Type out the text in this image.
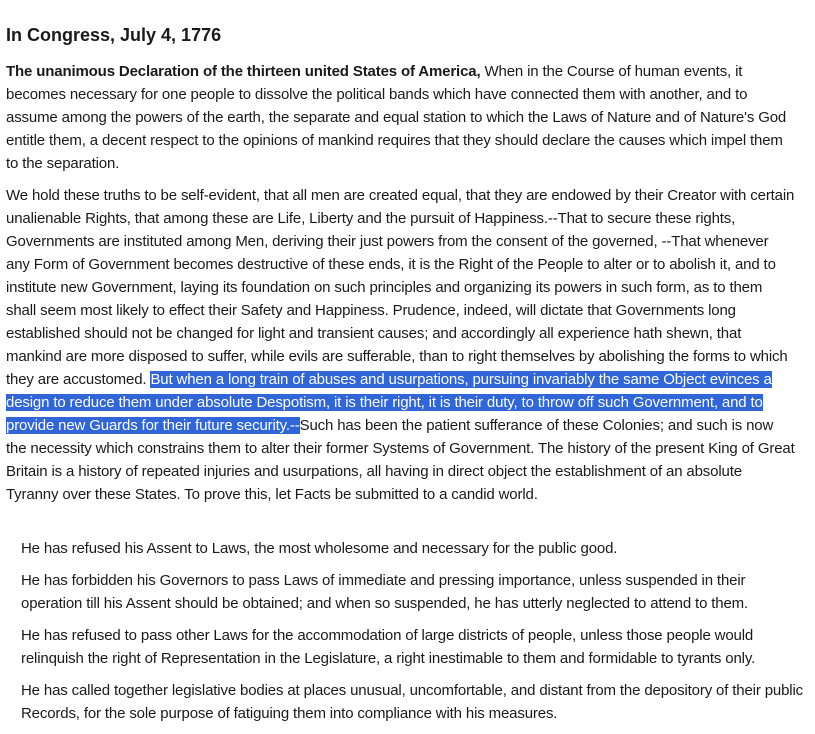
In Congress, July 4, 1776

The unanimous Declaration of the thirteen united States of America, When in the Course of human events, it becomes necessary for one people to dissolve the political bands which have connected them with another, and to assume among the powers of the earth, the separate and equal station to which the Laws of Nature and of Nature's God entitle them, a decent respect to the opinions of mankind requires that they should declare the causes which impel them to the separation.

We hold these truths to be self-evident, that all men are created equal, that they are endowed by their Creator with certain unalienable Rights, that among these are Life, Liberty and the pursuit of Happiness.--That to secure these rights, Governments are instituted among Men, deriving their just powers from the consent of the governed, --That whenever any Form of Government becomes destructive of these ends, it is the Right of the People to alter or to abolish it, and to institute new Government, laying its foundation on such principles and organizing its powers in such form, as to them shall seem most likely to effect their Safety and Happiness. Prudence, indeed, will dictate that Governments long established should not be changed for light and transient causes; and accordingly all experience hath shewn, that mankind are more disposed to suffer, while evils are sufferable, than to right themselves by abolishing the forms to which they are accustomed. But when a long train of abuses and usurpations, pursuing invariably the same Object evinces a design to reduce them under absolute Despotism, it is their right, it is their duty, to throw off such Government, and to provide new Guards for their future security.--Such has been the patient sufferance of these Colonies; and such is now the necessity which constrains them to alter their former Systems of Government. The history of the present King of Great Britain is a history of repeated injuries and usurpations, all having in direct object the establishment of an absolute Tyranny over these States. To prove this, let Facts be submitted to a candid world.

He has refused his Assent to Laws, the most wholesome and necessary for the public good.

He has forbidden his Governors to pass Laws of immediate and pressing importance, unless suspended in their operation till his Assent should be obtained; and when so suspended, he has utterly neglected to attend to them.

He has refused to pass other Laws for the accommodation of large districts of people, unless those people would relinquish the right of Representation in the Legislature, a right inestimable to them and formidable to tyrants only.

He has called together legislative bodies at places unusual, uncomfortable, and distant from the depository of their public Records, for the sole purpose of fatiguing them into compliance with his measures.
